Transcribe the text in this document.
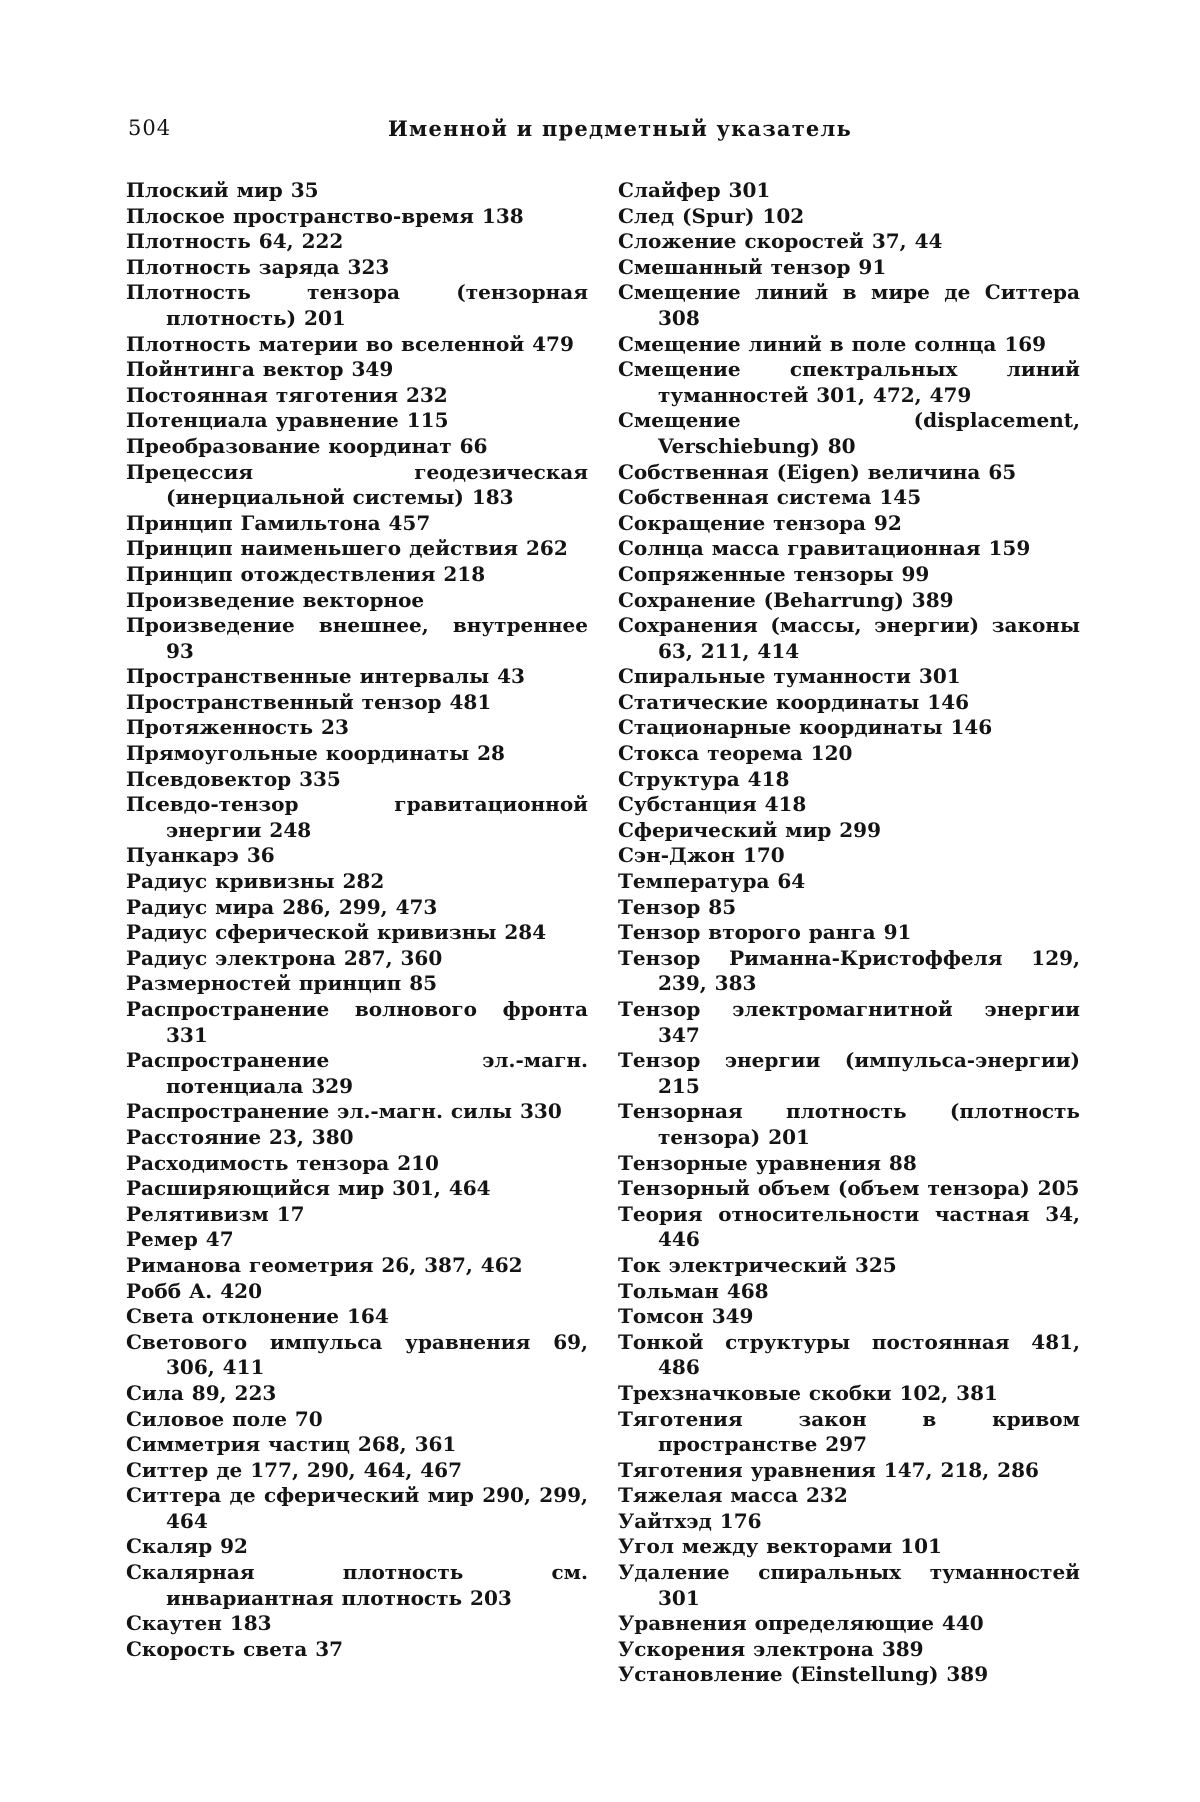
504	Именной и предметный указатель
Плоский мир 35
Плоское пространство-время 138
Плотность 64, 222
Плотность заряда 323
Плотность тензора (тензорная плотность) 201
Плотность материи во вселенной 479
Пойнтинга вектор 349
Постоянная тяготения 232
Потенциала уравнение 115
Преобразование координат 66
Прецессия геодезическая (инерциальной системы) 183
Принцип Гамильтона 457
Принцип наименьшего действия 262
Принцип отождествления 218
Произведение векторное
Произведение внешнее, внутреннее 93
Пространственные интервалы 43
Пространственный тензор 481
Протяженность 23
Прямоугольные координаты 28
Псевдовектор 335
Псевдо-тензор гравитационной энергии 248
Пуанкарэ 36
Радиус кривизны 282
Радиус мира 286, 299, 473
Радиус сферической кривизны 284
Радиус электрона 287, 360
Размерностей принцип 85
Распространение волнового фронта 331
Распространение эл.-магн. потенциала 329
Распространение эл.-магн. силы 330
Расстояние 23, 380
Расходимость тензора 210
Расширяющийся мир 301, 464
Релятивизм 17
Ремер 47
Римановa геометрия 26, 387, 462
Робб А. 420
Света отклонение 164
Светового импульса уравнения 69, 306, 411
Сила 89, 223
Силовое поле 70
Симметрия частиц 268, 361
Ситтер де 177, 290, 464, 467
Ситтера де сферический мир 290, 299, 464
Скаляр 92
Скалярная плотность см. инвариантная плотность 203
Скаутен 183
Скорость света 37
Слайфер 301
След (Spur) 102
Сложение скоростей 37, 44
Смешанный тензор 91
Смещение линий в мире де Ситтера 308
Смещение линий в поле солнца 169
Смещение спектральных линий туманностей 301, 472, 479
Смещение (displacement, Verschiebung) 80
Собственная (Eigen) величина 65
Собственная система 145
Сокращение тензора 92
Солнца масса гравитационная 159
Сопряженные тензоры 99
Сохранение (Beharrung) 389
Сохранения (массы, энергии) законы 63, 211, 414
Спиральные туманности 301
Статические координаты 146
Стационарные координаты 146
Стокса теорема 120
Структура 418
Субстанция 418
Сферический мир 299
Сэн-Джон 170
Температура 64
Тензор 85
Тензор второго ранга 91
Тензор Риманна-Кристоффеля 129, 239, 383
Тензор электромагнитной энергии 347
Тензор энергии (импульса-энергии) 215
Тензорная плотность (плотность тензора) 201
Тензорные уравнения 88
Тензорный объем (объем тензора) 205
Теория относительности частная 34, 446
Ток электрический 325
Тольман 468
Томсон 349
Тонкой структуры постоянная 481, 486
Трехзначковые скобки 102, 381
Тяготения закон в кривом пространстве 297
Тяготения уравнения 147, 218, 286
Тяжелая масса 232
Уайтхэд 176
Угол между векторами 101
Удаление спиральных туманностей 301
Уравнения определяющие 440
Ускорения электрона 389
Установление (Einstellung) 389
